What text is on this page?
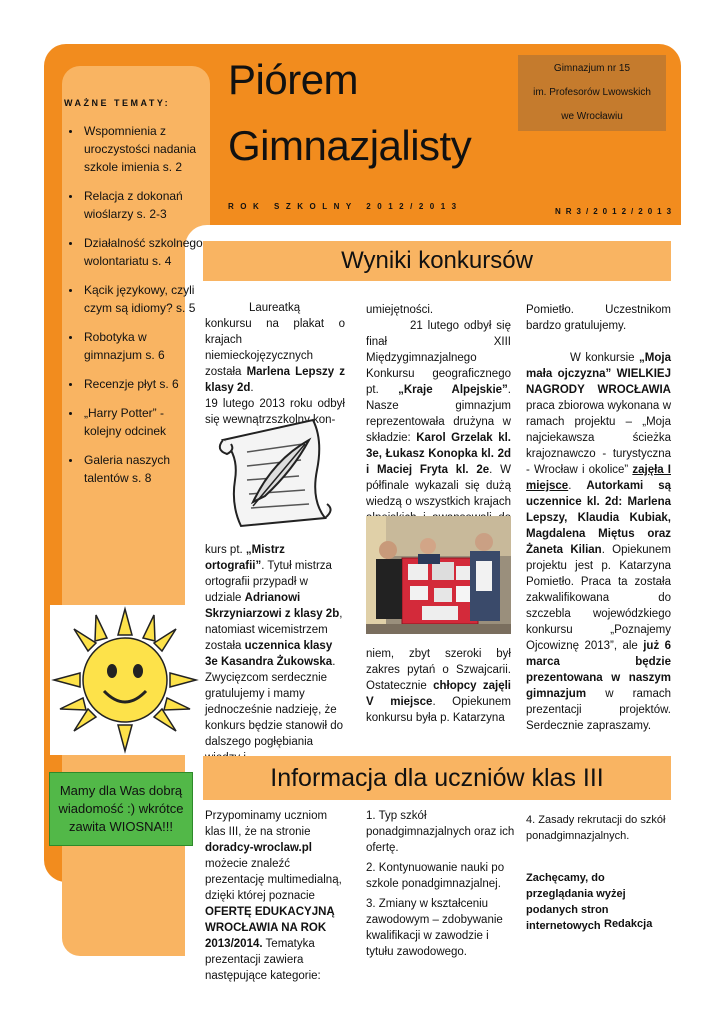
WAŻNE TEMATY:
• Wspomnienia z uroczystości nadania szkole imienia s. 2
• Relacja z dokonań wioślarzy s. 2-3
• Działalność szkolnego wolontariatu s. 4
• Kącik językowy, czyli czym są idiomy? s. 5
• Robotyka w gimnazjum s. 6
• Recenzje płyt s. 6
• „Harry Potter” - kolejny odcinek
• Galeria naszych talentów s. 8
Mamy dla Was dobrą wiadomość :) wkrótce zawita WIOSNA!!!
Piórem
Gimnazjalisty
Gimnazjum nr 15
im. Profesorów Lwowskich
we Wrocławiu
ROK SZKOLNY 2012/2013
NR3/2012/2013
Wyniki konkursów

Laureatką konkursu na plakat o krajach niemieckojęzycznych została Marlena Lepszy z klasy 2d.

19 lutego 2013 roku odbył się wewnątrzszkolny kon-

kurs pt. „Mistrz ortografii”. Tytuł mistrza ortografii przypadł w udziale Adrianowi Skrzyniarzowi z klasy 2b, natomiast wicemistrzem została uczennica klasy 3e Kasandra Żukowska. Zwycięzcom serdecznie gratulujemy i mamy jednocześnie nadzieję, że konkurs będzie stanowił do dalszego pogłębiania

umiejętności.

21 lutego odbył się finał XIII Międzygimnazjalnego Konkursu geograficznego pt. „Kraje Alpejskie”. Nasze gimnazjum reprezentowała drużyna w składzie: Karol Grzelak kl. 3e, Łukasz Konopka kl. 2d i Maciej Fryta kl. 2e. W półfinale wykazali się dużą wiedzą o wszystkich krajach

niem, zbyt szeroki był zakres pytań o Szwajcarii. Ostatecznie chłopcy zajęli V miejsce. Opiekunem konkursu była p. Katarzyna

Pomietło. Uczestnikom bardzo gratulujemy.

W konkursie „Moja mała ojczyzna” WIELKIEJ NAGRODY WROCŁAWIA praca zbiorowa wykonana w ramach projektu – „Moja najciekawsza ścieżka krajoznawczo - turystyczna - Wrocław i okolice” zajęła I miejsce. Autorkami są uczennice kl. 2d: Marlena Lepszy, Klaudia Kubiak, Magdalena Miętus oraz Żaneta Kilian. Opiekunem projektu jest p. Katarzyna Pomietło. Praca ta została zakwalifikowana do szczebla wojewódzkiego konkursu „Poznajemy Ojcowiznę 2013”, ale już 6 marca będzie prezentowana w naszym gimnazjum w ramach prezentacji projektów. Serdecznie zapraszamy.

Informacja dla uczniów klas III

Przypominamy uczniom klas III, że na stronie doradcy-wroclaw.pl możecie znaleźć prezentację multimedialną, dzięki której poznacie OFERTĘ EDUKACYJNĄ WROCŁAWIA NA ROK 2013/2014. Tematyka prezentacji zawiera następujące kategorie:

1. Typ szkół ponadgimnazjalnych oraz ich ofertę.

2. Kontynuowanie nauki po szkole ponadgimnazjalnej.

3. Zmiany w kształceniu zawodowym – zdobywanie kwalifikacji w zawodzie i tytułu zawodowego.

4. Zasady rekrutacji do szkół ponadgimnazjalnych.

Zachęcamy, do przeglądania wyżej podanych stron internetowych Redakcja
